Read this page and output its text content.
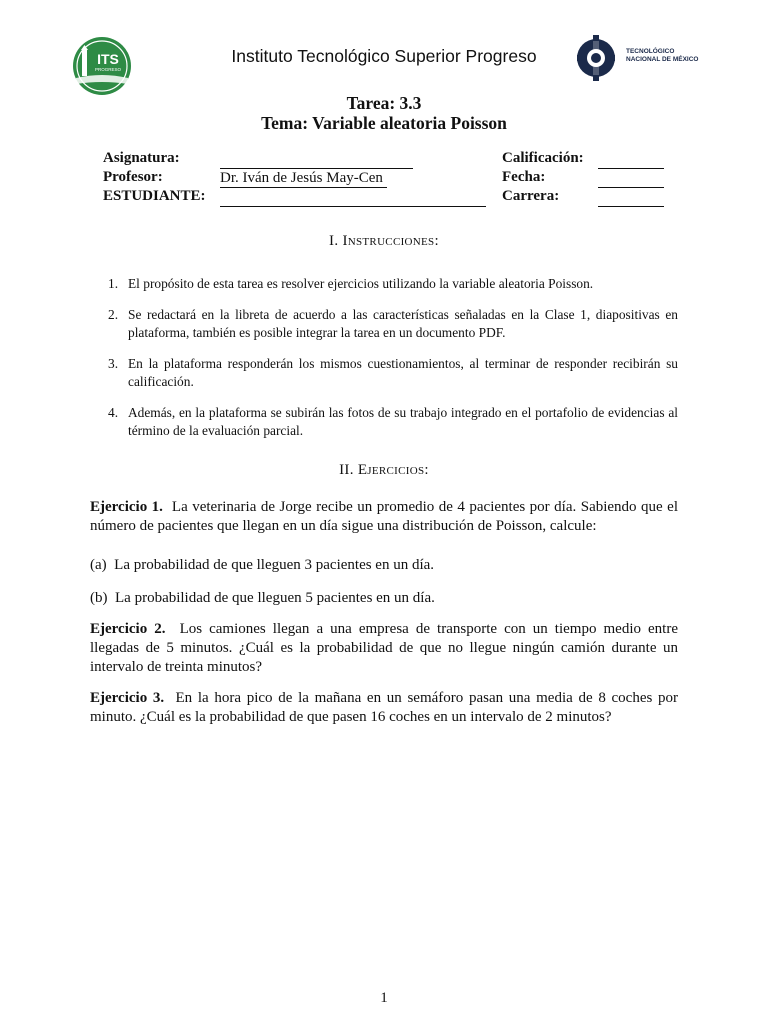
ITS
PROGRESO
Instituto Tecnológico Superior Progreso	TECNOLÓGICO
NACIONAL DE MÉXICO
Tarea: 3.3
Tema: Variable aleatoria Poisson
Asignatura:
Profesor:	Dr. Iván de Jesús May-Cen
ESTUDIANTE:
Calificación:
Fecha:
Carrera:
I. Instrucciones:
1. El propósito de esta tarea es resolver ejercicios utilizando la variable aleatoria Poisson.
2. Se redactará en la libreta de acuerdo a las características señaladas en la Clase 1, diapositivas en plataforma, también es posible integrar la tarea en un documento PDF.
3. En la plataforma responderán los mismos cuestionamientos, al terminar de responder recibirán su calificación.
4. Además, en la plataforma se subirán las fotos de su trabajo integrado en el portafolio de evidencias al término de la evaluación parcial.
II. Ejercicios:
Ejercicio 1. La veterinaria de Jorge recibe un promedio de 4 pacientes por día. Sabiendo que el número de pacientes que llegan en un día sigue una distribución de Poisson, calcule:
(a) La probabilidad de que lleguen 3 pacientes en un día.
(b) La probabilidad de que lleguen 5 pacientes en un día.
Ejercicio 2. Los camiones llegan a una empresa de transporte con un tiempo medio entre llegadas de 5 minutos. ¿Cuál es la probabilidad de que no llegue ningún camión durante un intervalo de treinta minutos?
Ejercicio 3. En la hora pico de la mañana en un semáforo pasan una media de 8 coches por minuto. ¿Cuál es la probabilidad de que pasen 16 coches en un intervalo de 2 minutos?
1
